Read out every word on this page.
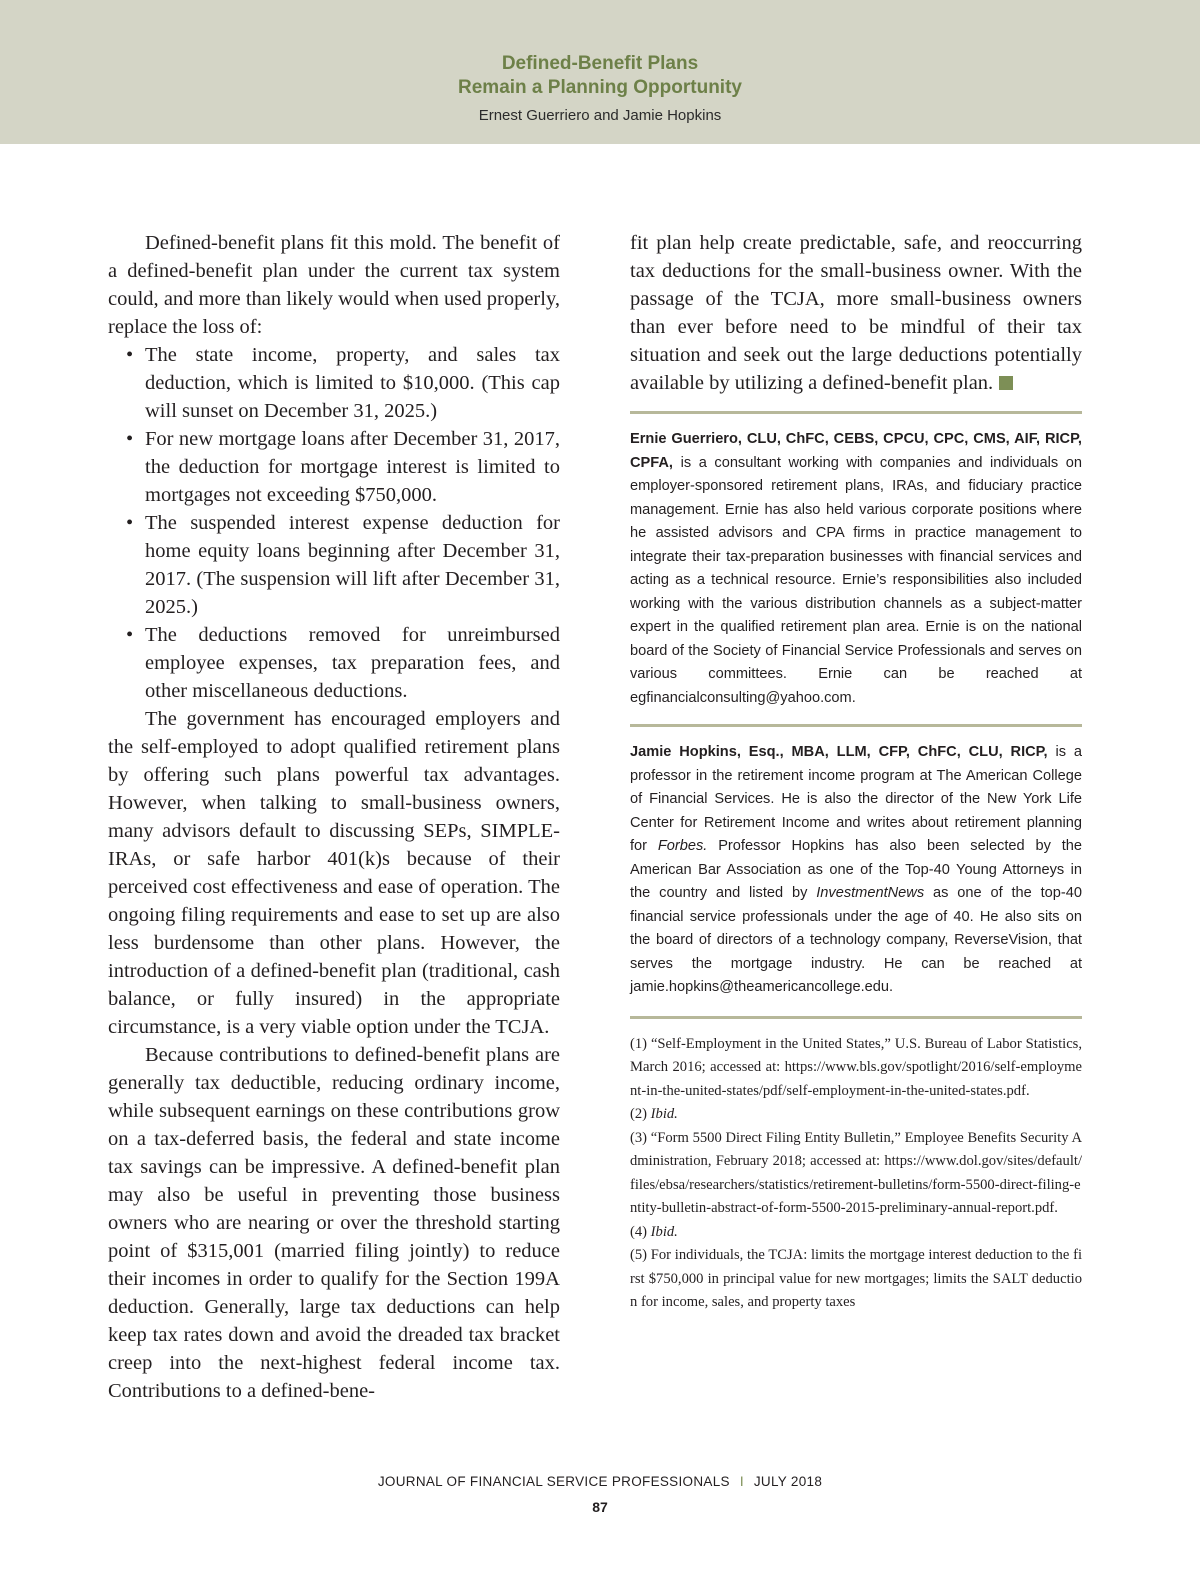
Defined-Benefit Plans
Remain a Planning Opportunity
Ernest Guerriero and Jamie Hopkins

Defined-benefit plans fit this mold. The benefit of a defined-benefit plan under the current tax system could, and more than likely would when used properly, replace the loss of:

• The state income, property, and sales tax deduction, which is limited to $10,000. (This cap will sunset on December 31, 2025.)
• For new mortgage loans after December 31, 2017, the deduction for mortgage interest is limited to mortgages not exceeding $750,000.
• The suspended interest expense deduction for home equity loans beginning after December 31, 2017. (The suspension will lift after December 31, 2025.)
• The deductions removed for unreimbursed employee expenses, tax preparation fees, and other miscellaneous deductions.

The government has encouraged employers and the self-employed to adopt qualified retirement plans by offering such plans powerful tax advantages. However, when talking to small-business owners, many advisors default to discussing SEPs, SIMPLE-IRAs, or safe harbor 401(k)s because of their perceived cost effectiveness and ease of operation. The ongoing filing requirements and ease to set up are also less burdensome than other plans. However, the introduction of a defined-benefit plan (traditional, cash balance, or fully insured) in the appropriate circumstance, is a very viable option under the TCJA.

Because contributions to defined-benefit plans are generally tax deductible, reducing ordinary income, while subsequent earnings on these contributions grow on a tax-deferred basis, the federal and state income tax savings can be impressive. A defined-benefit plan may also be useful in preventing those business owners who are nearing or over the threshold starting point of $315,001 (married filing jointly) to reduce their incomes in order to qualify for the Section 199A deduction. Generally, large tax deductions can help keep tax rates down and avoid the dreaded tax bracket creep into the next-highest federal income tax. Contributions to a defined-bene-

fit plan help create predictable, safe, and reoccurring tax deductions for the small-business owner. With the passage of the TCJA, more small-business owners than ever before need to be mindful of their tax situation and seek out the large deductions potentially available by utilizing a defined-benefit plan.

Ernie Guerriero, CLU, ChFC, CEBS, CPCU, CPC, CMS, AIF, RICP, CPFA, is a consultant working with companies and individuals on employer-sponsored retirement plans, IRAs, and fiduciary practice management. Ernie has also held various corporate positions where he assisted advisors and CPA firms in practice management to integrate their tax-preparation businesses with financial services and acting as a technical resource. Ernie’s responsibilities also included working with the various distribution channels as a subject-matter expert in the qualified retirement plan area. Ernie is on the national board of the Society of Financial Service Professionals and serves on various committees. Ernie can be reached at egfinancialconsulting@yahoo.com.

Jamie Hopkins, Esq., MBA, LLM, CFP, ChFC, CLU, RICP, is a professor in the retirement income program at The American College of Financial Services. He is also the director of the New York Life Center for Retirement Income and writes about retirement planning for Forbes. Professor Hopkins has also been selected by the American Bar Association as one of the Top-40 Young Attorneys in the country and listed by InvestmentNews as one of the top-40 financial service professionals under the age of 40. He also sits on the board of directors of a technology company, ReverseVision, that serves the mortgage industry. He can be reached at jamie.hopkins@theamericancollege.edu.

(1) “Self-Employment in the United States,” U.S. Bureau of Labor Statistics, March 2016; accessed at: https://www.bls.gov/spotlight/2016/self-employment-in-the-united-states/pdf/self-employment-in-the-united-states.pdf.
(2) Ibid.
(3) “Form 5500 Direct Filing Entity Bulletin,” Employee Benefits Security Administration, February 2018; accessed at: https://www.dol.gov/sites/default/files/ebsa/researchers/statistics/retirement-bulletins/form-5500-direct-filing-entity-bulletin-abstract-of-form-5500-2015-preliminary-annual-report.pdf.
(4) Ibid.
(5) For individuals, the TCJA: limits the mortgage interest deduction to the first $750,000 in principal value for new mortgages; limits the SALT deduction for income, sales, and property taxes
JOURNAL OF FINANCIAL SERVICE PROFESSIONALS I JULY 2018
87
